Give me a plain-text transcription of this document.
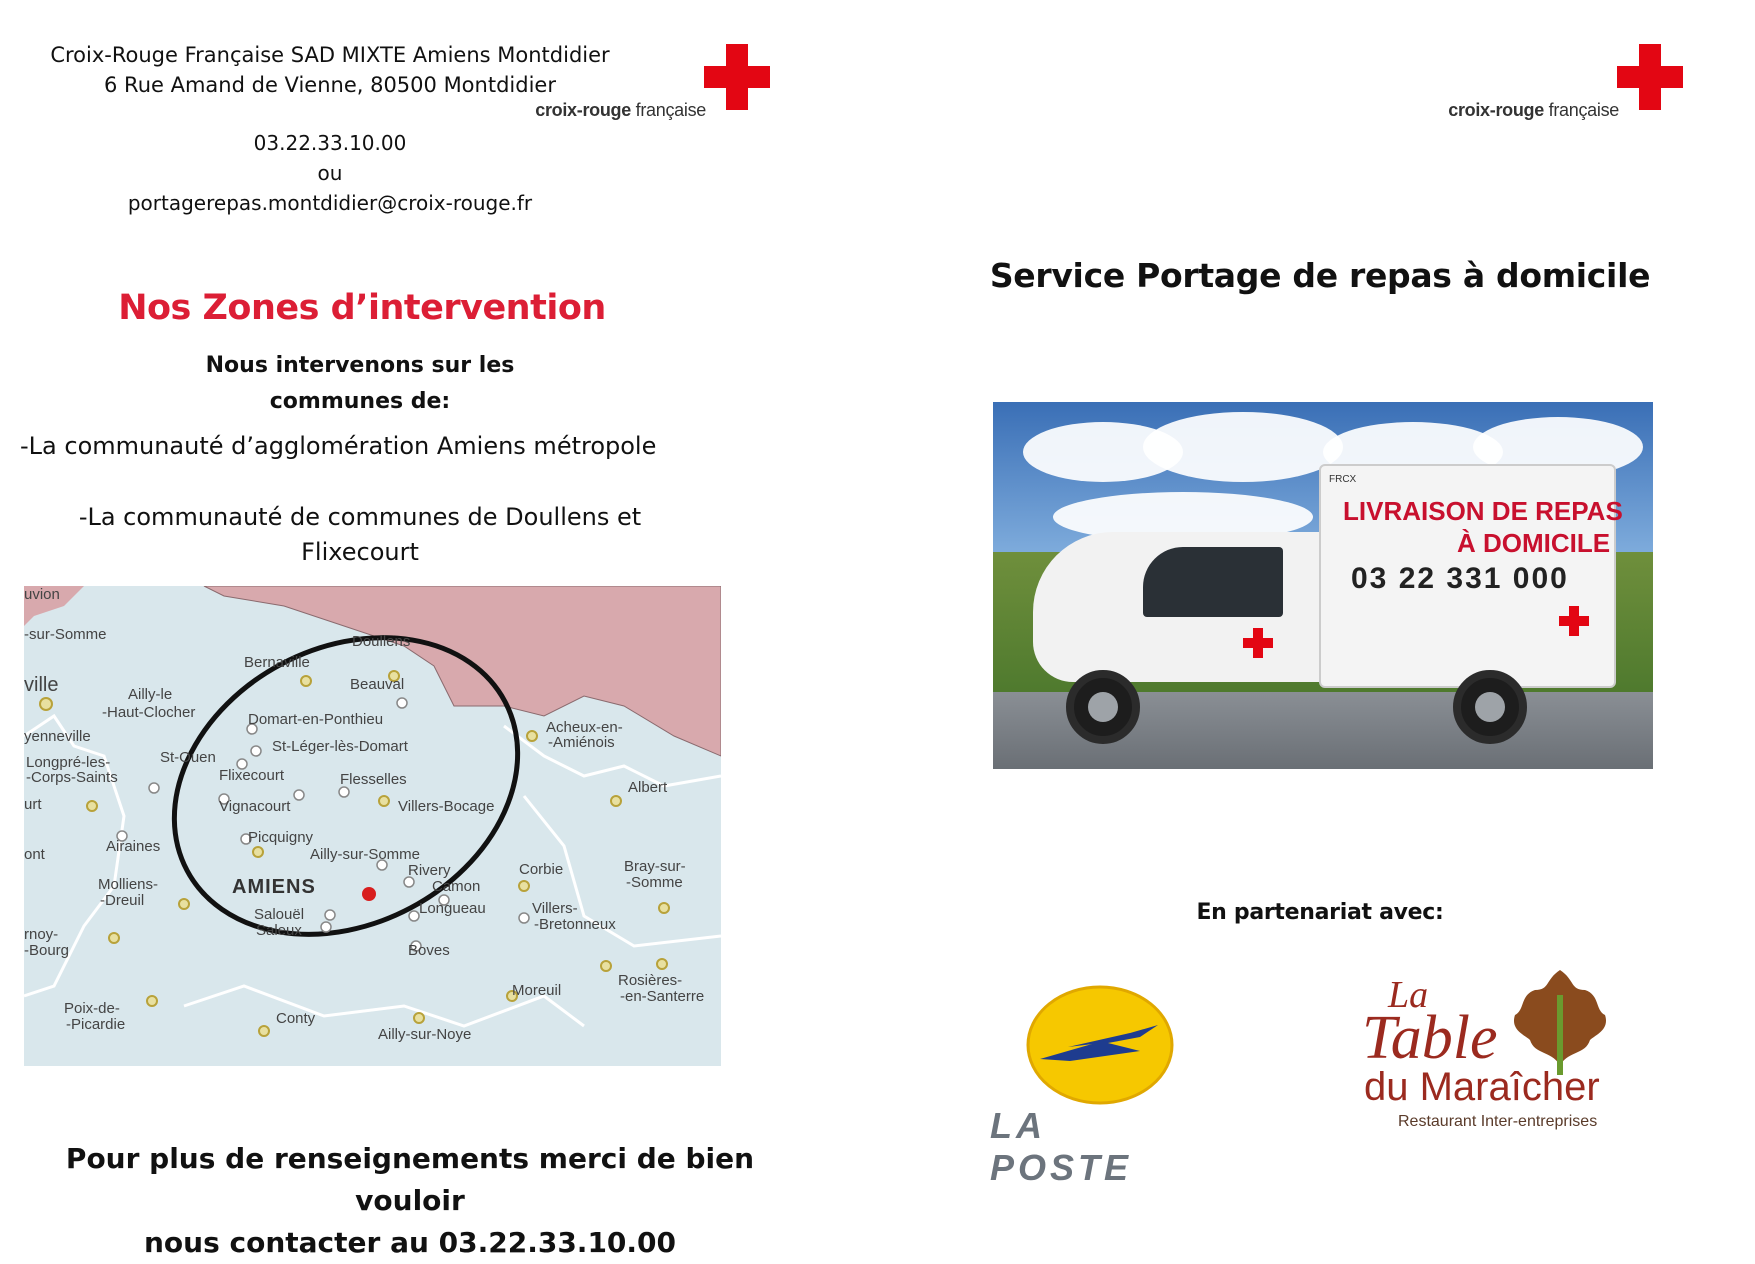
Croix-Rouge Française SAD MIXTE Amiens Montdidier
6 Rue Amand de Vienne, 80500 Montdidier
croix-rouge française
03.22.33.10.00
ou
portagerepas.montdidier@croix-rouge.fr
Nos Zones d’intervention
Nous intervenons sur les
communes de:
-La communauté d’agglomération Amiens métropole
-La communauté de communes de Doullens et
Flixecourt
uvion
-sur-Somme
ville	Ailly-le
-Haut-Clocher
yenneville
Longpré-les-
-Corps-Saints
urt
ont
Doullens
Bernaville
Beauval
Domart-en-Ponthieu
St-Léger-lès-Domart
St-Ouen
Flixecourt	Flesselles
Vignacourt	Villers-Bocage
Acheux-en-
-Amiénois
Albert
Picquigny
Airaines	Ailly-sur-Somme
Rivery
Camon
AMIENS
Molliens-
-Dreuil
Salouël
Saleux
Longueau
Corbie	Bray-sur-
-Somme
Villers-
-Bretonneux
rnoy-
-Bourg	Boves
Moreuil
Rosières-
-en-Santerre
Poix-de-
-Picardie	Conty
Ailly-sur-Noye
Pour plus de renseignements merci de bien vouloir
nous contacter au 03.22.33.10.00
croix-rouge française
Service Portage de repas à domicile
LIVRAISON DE REPAS
À DOMICILE
03 22 331 000
FRCX
En partenariat avec:
LA POSTE
La
Table
du Maraîcher
Restaurant Inter-entreprises
